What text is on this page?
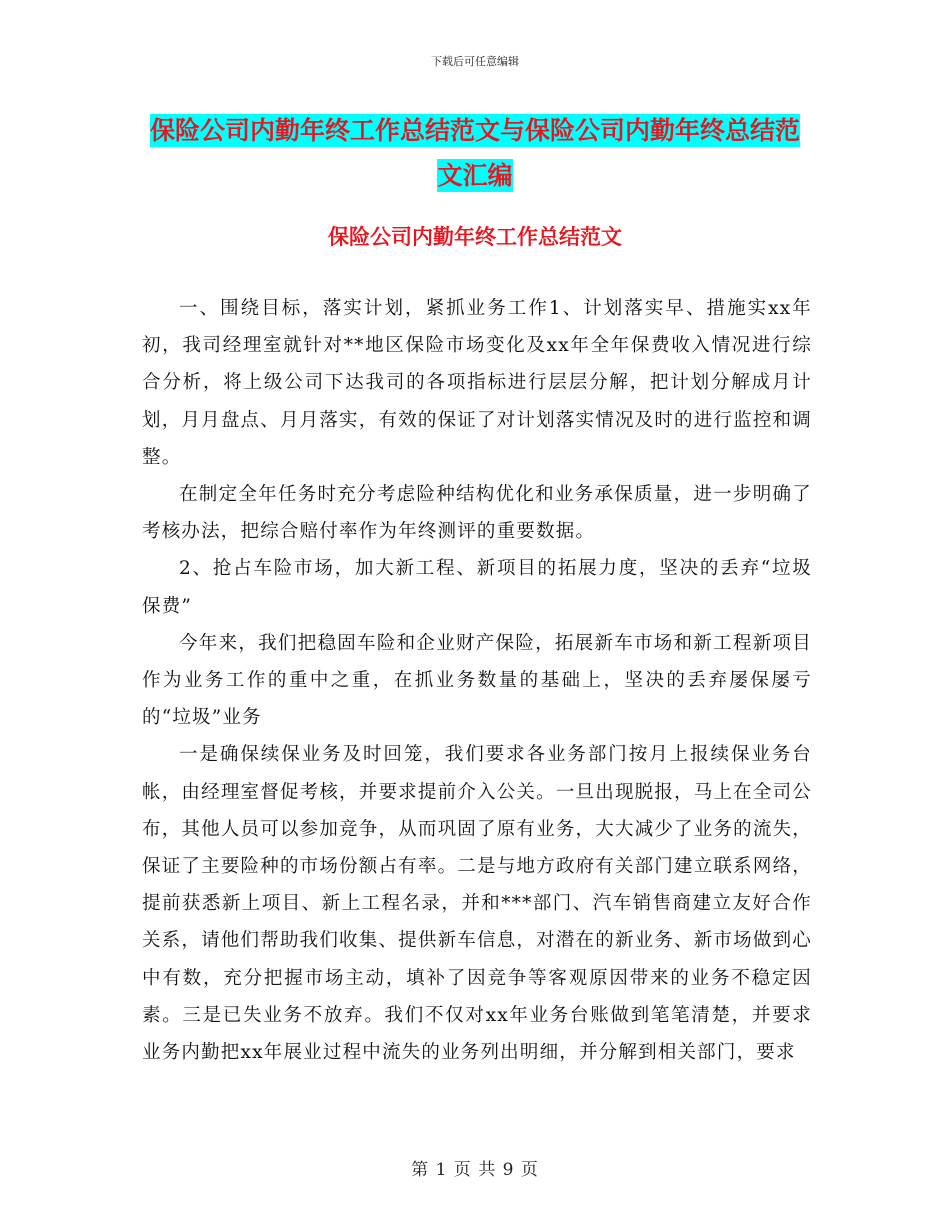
下载后可任意编辑
保险公司内勤年终工作总结范文与保险公司内勤年终总结范文汇编
保险公司内勤年终工作总结范文

一、围绕目标，落实计划，紧抓业务工作1、计划落实早、措施实xx年初，我司经理室就针对**地区保险市场变化及xx年全年保费收入情况进行综合分析，将上级公司下达我司的各项指标进行层层分解，把计划分解成月计划，月月盘点、月月落实，有效的保证了对计划落实情况及时的进行监控和调整。

在制定全年任务时充分考虑险种结构优化和业务承保质量，进一步明确了考核办法，把综合赔付率作为年终测评的重要数据。

2、抢占车险市场，加大新工程、新项目的拓展力度，坚决的丢弃“垃圾保费”

今年来，我们把稳固车险和企业财产保险，拓展新车市场和新工程新项目作为业务工作的重中之重，在抓业务数量的基础上，坚决的丢弃屡保屡亏的“垃圾”业务

一是确保续保业务及时回笼，我们要求各业务部门按月上报续保业务台帐，由经理室督促考核，并要求提前介入公关。一旦出现脱报，马上在全司公布，其他人员可以参加竞争，从而巩固了原有业务，大大减少了业务的流失，保证了主要险种的市场份额占有率。二是与地方政府有关部门建立联系网络，提前获悉新上项目、新上工程名录，并和***部门、汽车销售商建立友好合作关系，请他们帮助我们收集、提供新车信息，对潜在的新业务、新市场做到心中有数，充分把握市场主动，填补了因竞争等客观原因带来的业务不稳定因素。三是已失业务不放弃。我们不仅对xx年业务台账做到笔笔清楚，并要求业务内勤把xx年展业过程中流失的业务列出明细，并分解到相关部门，要求

第 1 页 共 9 页
